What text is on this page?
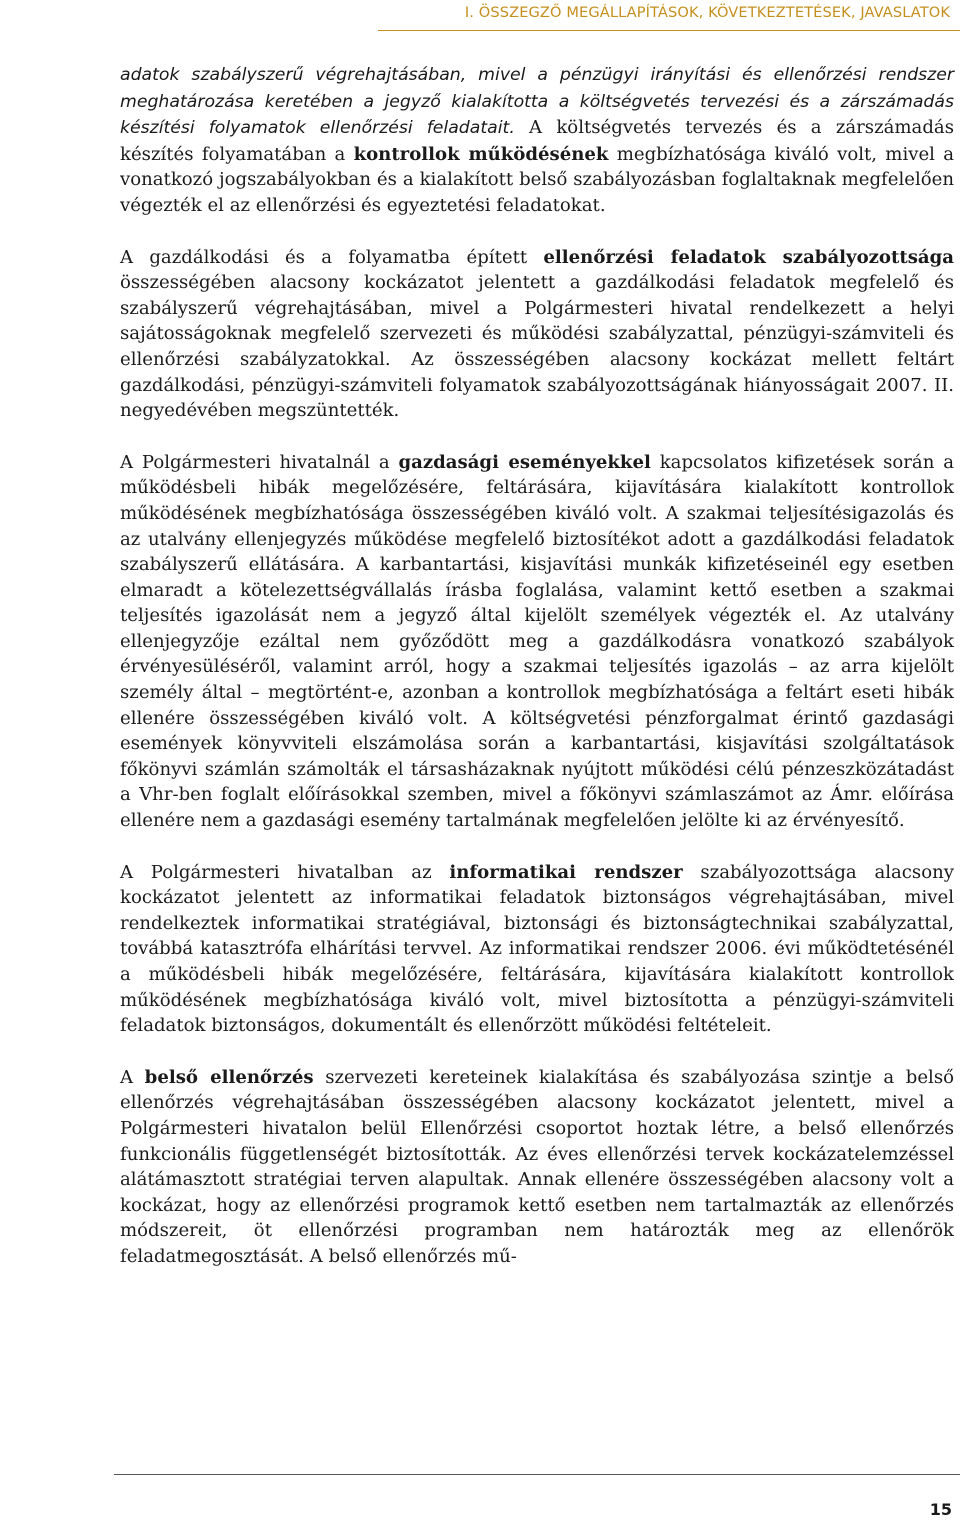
I. ÖSSZEGZŐ MEGÁLLAPÍTÁSOK, KÖVETKEZTETÉSEK, JAVASLATOK

adatok szabályszerű végrehajtásában, mivel a pénzügyi irányítási és ellenőrzési rendszer meghatározása keretében a jegyző kialakította a költségvetés tervezési és a zárszámadás készítési folyamatok ellenőrzési feladatait. A költségvetés tervezés és a zárszámadás készítés folyamatában a kontrollok működésének megbízhatósága kiváló volt, mivel a vonatkozó jogszabályokban és a kialakított belső szabályozásban foglaltaknak megfelelően végezték el az ellenőrzési és egyeztetési feladatokat.

A gazdálkodási és a folyamatba épített ellenőrzési feladatok szabályozottsága összességében alacsony kockázatot jelentett a gazdálkodási feladatok megfelelő és szabályszerű végrehajtásában, mivel a Polgármesteri hivatal rendelkezett a helyi sajátosságoknak megfelelő szervezeti és működési szabályzattal, pénzügyi-számviteli és ellenőrzési szabályzatokkal. Az összességében alacsony kockázat mellett feltárt gazdálkodási, pénzügyi-számviteli folyamatok szabályozottságának hiányosságait 2007. II. negyedévében megszüntették.

A Polgármesteri hivatalnál a gazdasági eseményekkel kapcsolatos kifizetések során a működésbeli hibák megelőzésére, feltárására, kijavítására kialakított kontrollok működésének megbízhatósága összességében kiváló volt. A szakmai teljesítésigazolás és az utalvány ellenjegyzés működése megfelelő biztosítékot adott a gazdálkodási feladatok szabályszerű ellátására. A karbantartási, kisjavítási munkák kifizetéseinél egy esetben elmaradt a kötelezettségvállalás írásba foglalása, valamint kettő esetben a szakmai teljesítés igazolását nem a jegyző által kijelölt személyek végezték el. Az utalvány ellenjegyzője ezáltal nem győződött meg a gazdálkodásra vonatkozó szabályok érvényesüléséről, valamint arról, hogy a szakmai teljesítés igazolás – az arra kijelölt személy által – megtörtént-e, azonban a kontrollok megbízhatósága a feltárt eseti hibák ellenére összességében kiváló volt. A költségvetési pénzforgalmat érintő gazdasági események könyvviteli elszámolása során a karbantartási, kisjavítási szolgáltatások főkönyvi számlán számolták el társasházaknak nyújtott működési célú pénzeszközátadást a Vhr-ben foglalt előírásokkal szemben, mivel a főkönyvi számlaszámot az Ámr. előírása ellenére nem a gazdasági esemény tartalmának megfelelően jelölte ki az érvényesítő.

A Polgármesteri hivatalban az informatikai rendszer szabályozottsága alacsony kockázatot jelentett az informatikai feladatok biztonságos végrehajtásában, mivel rendelkeztek informatikai stratégiával, biztonsági és biztonságtechnikai szabályzattal, továbbá katasztrófa elhárítási tervvel. Az informatikai rendszer 2006. évi működtetésénél a működésbeli hibák megelőzésére, feltárására, kijavítására kialakított kontrollok működésének megbízhatósága kiváló volt, mivel biztosította a pénzügyi-számviteli feladatok biztonságos, dokumentált és ellenőrzött működési feltételeit.

A belső ellenőrzés szervezeti kereteinek kialakítása és szabályozása szintje a belső ellenőrzés végrehajtásában összességében alacsony kockázatot jelentett, mivel a Polgármesteri hivatalon belül Ellenőrzési csoportot hoztak létre, a belső ellenőrzés funkcionális függetlenségét biztosították. Az éves ellenőrzési tervek kockázatelemzéssel alátámasztott stratégiai terven alapultak. Annak ellenére összességében alacsony volt a kockázat, hogy az ellenőrzési programok kettő esetben nem tartalmazták az ellenőrzés módszereit, öt ellenőrzési programban nem határozták meg az ellenőrök feladatmegosztását. A belső ellenőrzés mű-

15
